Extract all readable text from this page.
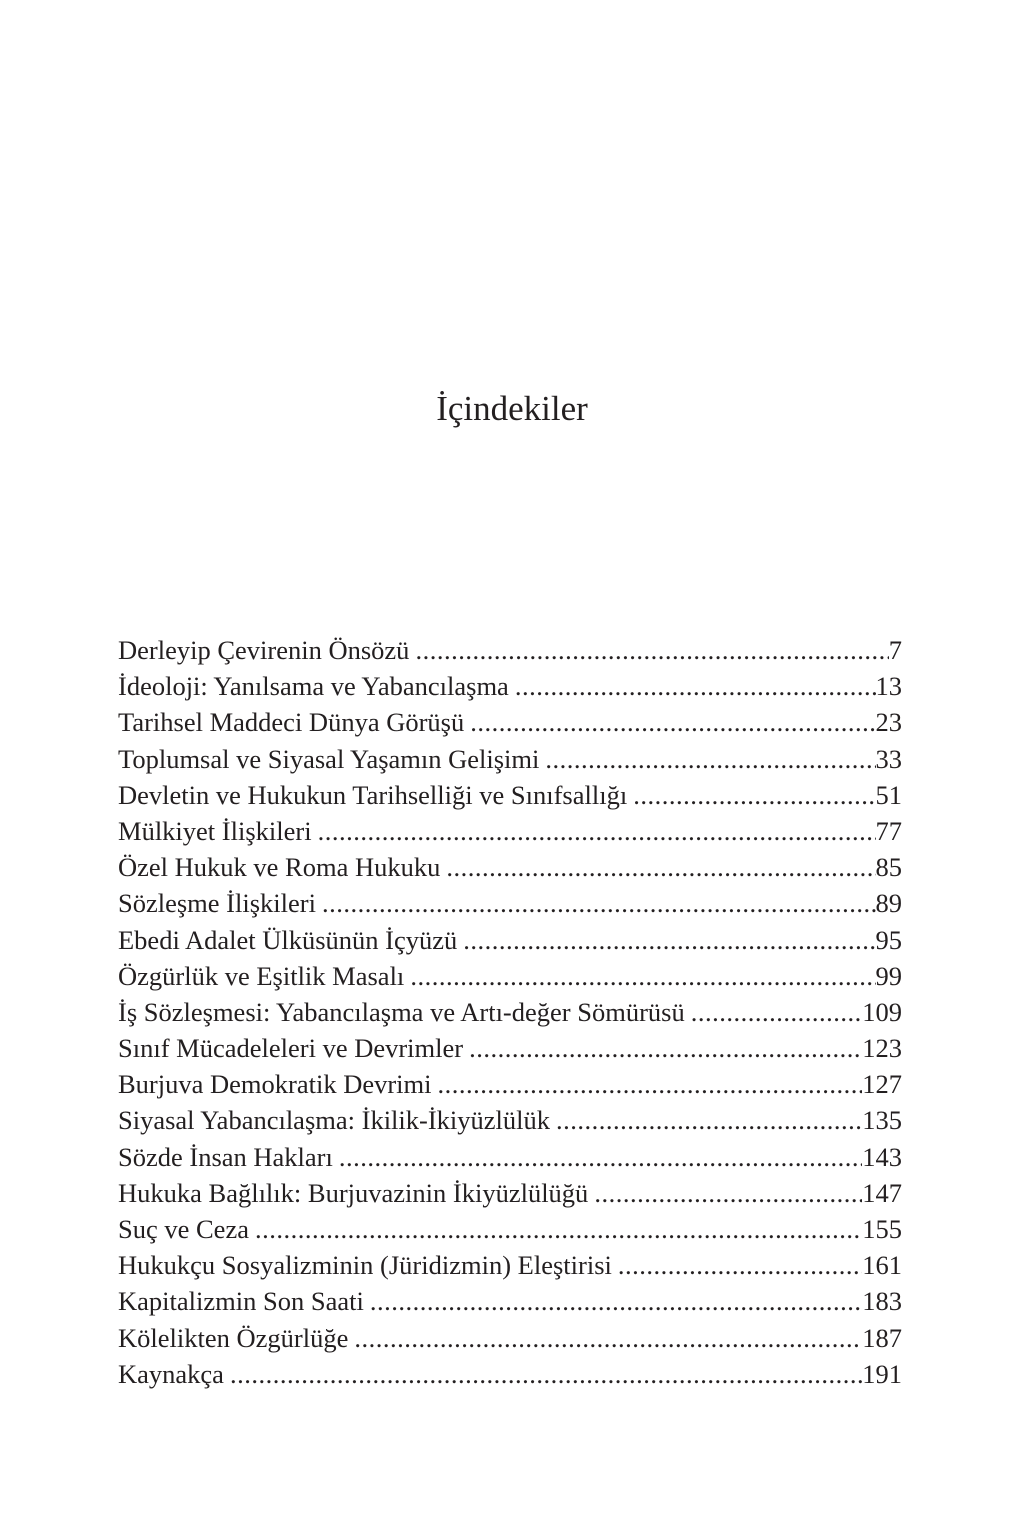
İçindekiler
Derleyip Çevirenin Önsözü .....	7
İdeoloji: Yanılsama ve Yabancılaşma .....	13
Tarihsel Maddeci Dünya Görüşü .....	23
Toplumsal ve Siyasal Yaşamın Gelişimi .....	33
Devletin ve Hukukun Tarihselliği ve Sınıfsallığı .....	51
Mülkiyet İlişkileri .....	77
Özel Hukuk ve Roma Hukuku .....	85
Sözleşme İlişkileri .....	89
Ebedi Adalet Ülküsünün İçyüzü .....	95
Özgürlük ve Eşitlik Masalı .....	99
İş Sözleşmesi: Yabancılaşma ve Artı-değer Sömürüsü .....	109
Sınıf Mücadeleleri ve Devrimler .....	123
Burjuva Demokratik Devrimi .....	127
Siyasal Yabancılaşma: İkilik-İkiyüzlülük .....	135
Sözde İnsan Hakları .....	143
Hukuka Bağlılık: Burjuvazinin İkiyüzlülüğü .....	147
Suç ve Ceza .....	155
Hukukçu Sosyalizminin (Jüridizmin) Eleştirisi .....	161
Kapitalizmin Son Saati .....	183
Kölelikten Özgürlüğe .....	187
Kaynakça .....	191
